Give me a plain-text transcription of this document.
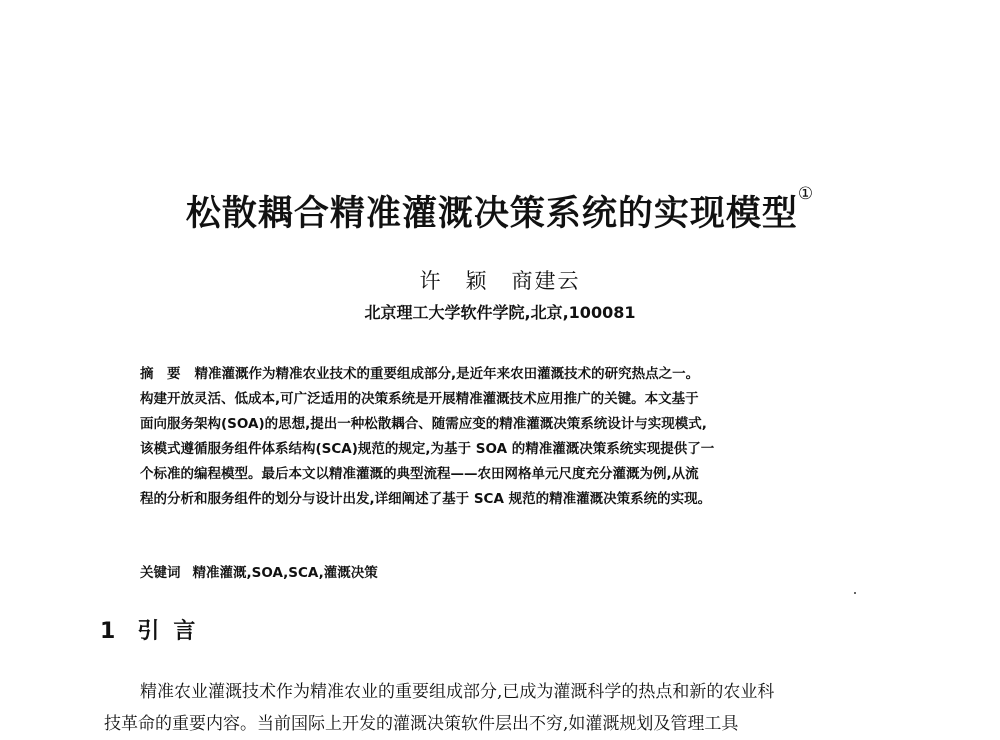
松散耦合精准灌溉决策系统的实现模型①
许　颖　商建云
北京理工大学软件学院,北京,100081
摘　要 精准灌溉作为精准农业技术的重要组成部分,是近年来农田灌溉技术的研究热点之一。
构建开放灵活、低成本,可广泛适用的决策系统是开展精准灌溉技术应用推广的关键。本文基于
面向服务架构(SOA)的思想,提出一种松散耦合、随需应变的精准灌溉决策系统设计与实现模式,
该模式遵循服务组件体系结构(SCA)规范的规定,为基于 SOA 的精准灌溉决策系统实现提供了一
个标准的编程模型。最后本文以精准灌溉的典型流程——农田网格单元尺度充分灌溉为例,从流
程的分析和服务组件的划分与设计出发,详细阐述了基于 SCA 规范的精准灌溉决策系统的实现。
关键词 精准灌溉,SOA,SCA,灌溉决策
1 引言
精准农业灌溉技术作为精准农业的重要组成部分,已成为灌溉科学的热点和新的农业科
技革命的重要内容。当前国际上开发的灌溉决策软件层出不穷,如灌溉规划及管理工具
